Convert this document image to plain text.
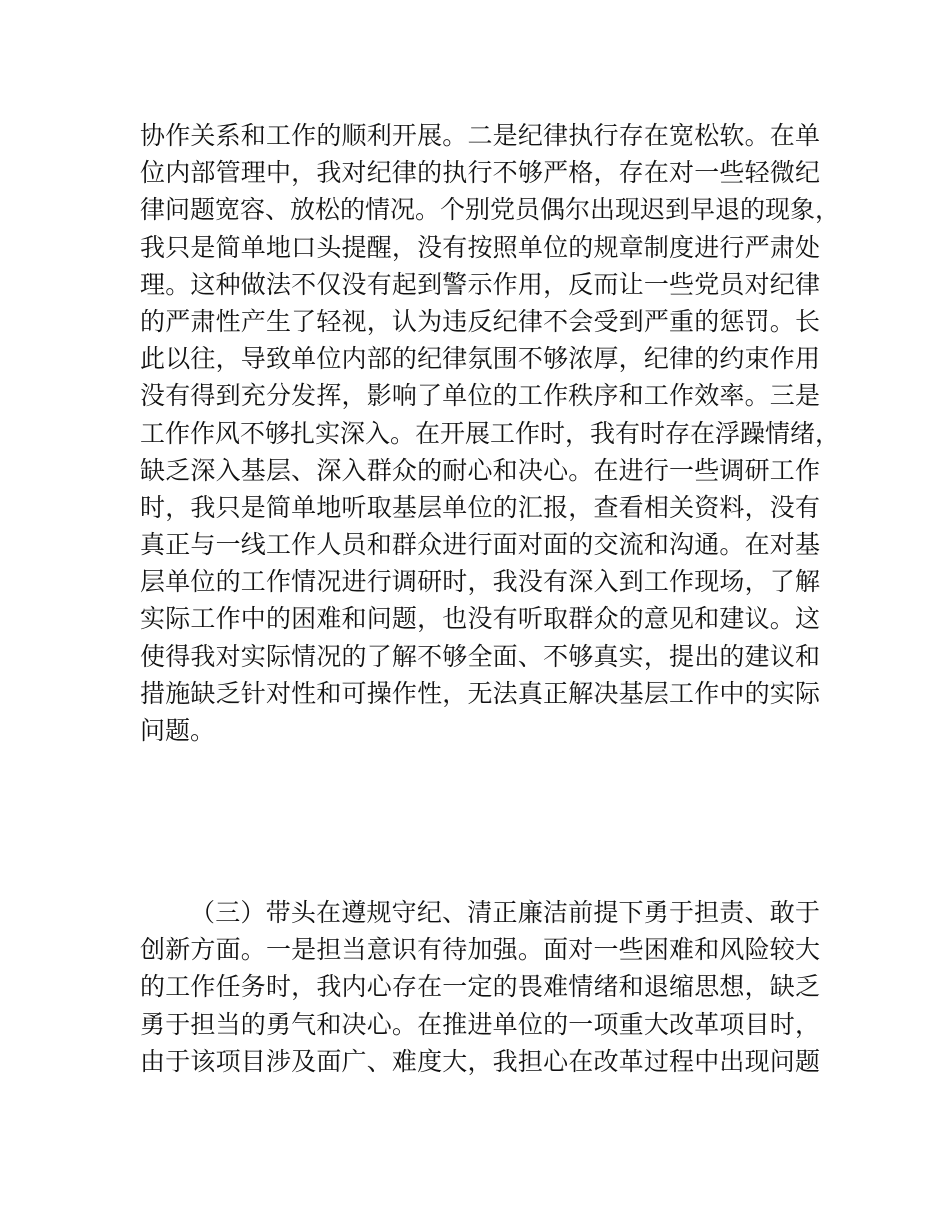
协作关系和工作的顺利开展。二是纪律执行存在宽松软。在单
位内部管理中，我对纪律的执行不够严格，存在对一些轻微纪
律问题宽容、放松的情况。个别党员偶尔出现迟到早退的现象，
我只是简单地口头提醒，没有按照单位的规章制度进行严肃处
理。这种做法不仅没有起到警示作用，反而让一些党员对纪律
的严肃性产生了轻视，认为违反纪律不会受到严重的惩罚。长
此以往，导致单位内部的纪律氛围不够浓厚，纪律的约束作用
没有得到充分发挥，影响了单位的工作秩序和工作效率。三是
工作作风不够扎实深入。在开展工作时，我有时存在浮躁情绪，
缺乏深入基层、深入群众的耐心和决心。在进行一些调研工作
时，我只是简单地听取基层单位的汇报，查看相关资料，没有
真正与一线工作人员和群众进行面对面的交流和沟通。在对基
层单位的工作情况进行调研时，我没有深入到工作现场，了解
实际工作中的困难和问题，也没有听取群众的意见和建议。这
使得我对实际情况的了解不够全面、不够真实，提出的建议和
措施缺乏针对性和可操作性，无法真正解决基层工作中的实际
问题。
（三）带头在遵规守纪、清正廉洁前提下勇于担责、敢于
创新方面。一是担当意识有待加强。面对一些困难和风险较大
的工作任务时，我内心存在一定的畏难情绪和退缩思想，缺乏
勇于担当的勇气和决心。在推进单位的一项重大改革项目时，
由于该项目涉及面广、难度大，我担心在改革过程中出现问题
